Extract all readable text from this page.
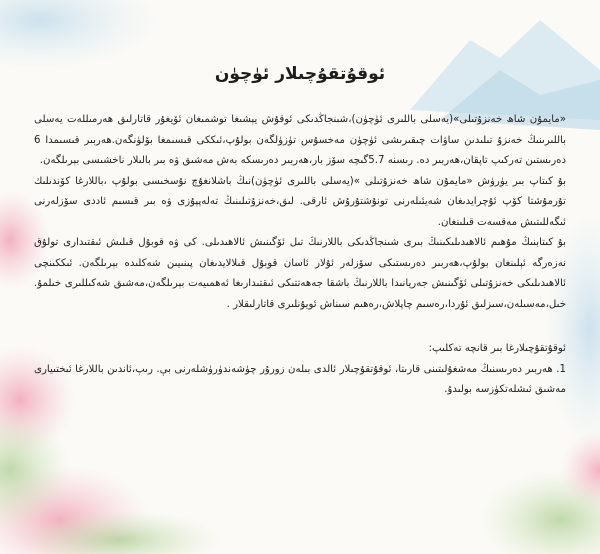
ئوقۇتقۇچىلار ئۈچۈن

«مايمۇن شاھ خەنزۇتىلى»(يەسلى باللىرى ئۈچۈن)،شىنجاڭدىكى ئوقۇش يېشىغا توشمىغان ئۆيغۇر قاتارلىق ھەرمىللەت يەسلى باللىرىنىڭ خەنزۇ تىلىدىن ساۋات چىقىرىشى ئۈچۈن مەخسۇس تۈزۈلگەن بولۇپ،ئىككى قىسىمغا بۆلۈنگەن.ھەربىر قىسىمدا 6 دەرىستىن تەركىپ تاپقان،ھەربىر دە. رىسنە 5.7گىچە سۆز بار،ھەربىر دەرىسكە بەش مەشىق ۋە بىر بالىلار ناخشىسى بېرىلگەن.

بۇ كىتاپ بىر يۈرۈش «مايمۇن شاھ خەنزۇتىلى »(يەسلى باللىرى ئۈچۈن)نىڭ باشلانغۇچ نۇسخىسى بولۇپ ،باللارغا كۆندىلىك تۇرمۇشتا كۆپ ئۇچرايدىغان شەيئىلەرنى تونۇشتۇرۇش ئارقى. لىق،خەنزۇتىلىنىڭ تەلەپپۇزى ۋە بىر قىسىم ئاددى سۆزلەرنى ئىگەللىتىش مەقسەت قىلىنغان.

بۇ كىتابنىڭ مۇھىم ئالاھىدىلىكىنىڭ بىرى شىنجاڭدىكى باللارنىڭ تىل ئۆگىنىش ئالاھىدىلى. كى ۋە قوبۇل قىلىش ئىقتىدارى تولۇق نەزەرگە ئېلىنغان بولۇپ،ھەربىر دەرىستىكى سۆزلەر ئۇلار ئاسان قوبۇل قىلالايدىغان پىنىيىن شەكلىدە بېرىلگەن. ئىككىنچى ئالاھىدىلىكى خەنزۇتىلى ئۆگىنىش جەريانىدا باللارنىڭ باشقا جەھەتتىكى ئىقتىدارىغا ئەھمىيەت بېرىلگەن،مەشىق شەكىللىرى خىلمۇ. خىل،مەسىلەن،سىزلىق ئۇردا،رەسىم چاپلاش،رەھىم سىناش ئويۇنلىرى قاتارلىقلار .

ئوقۇتقۇچىلارغا بىر قانچە تەكلىپ:

1. ھەربىر دەرىسنىڭ مەشغۇلىتىنى قارىتا، ئوقۇتقۇچىلار ئالدى بىلەن زورۇر چۈشەندۈرۈشلەرنى بې. رىپ،ئاندىن باللارغا ئىختىيارى مەشىق ئىشلەتكۈزسە بولىدۇ.
